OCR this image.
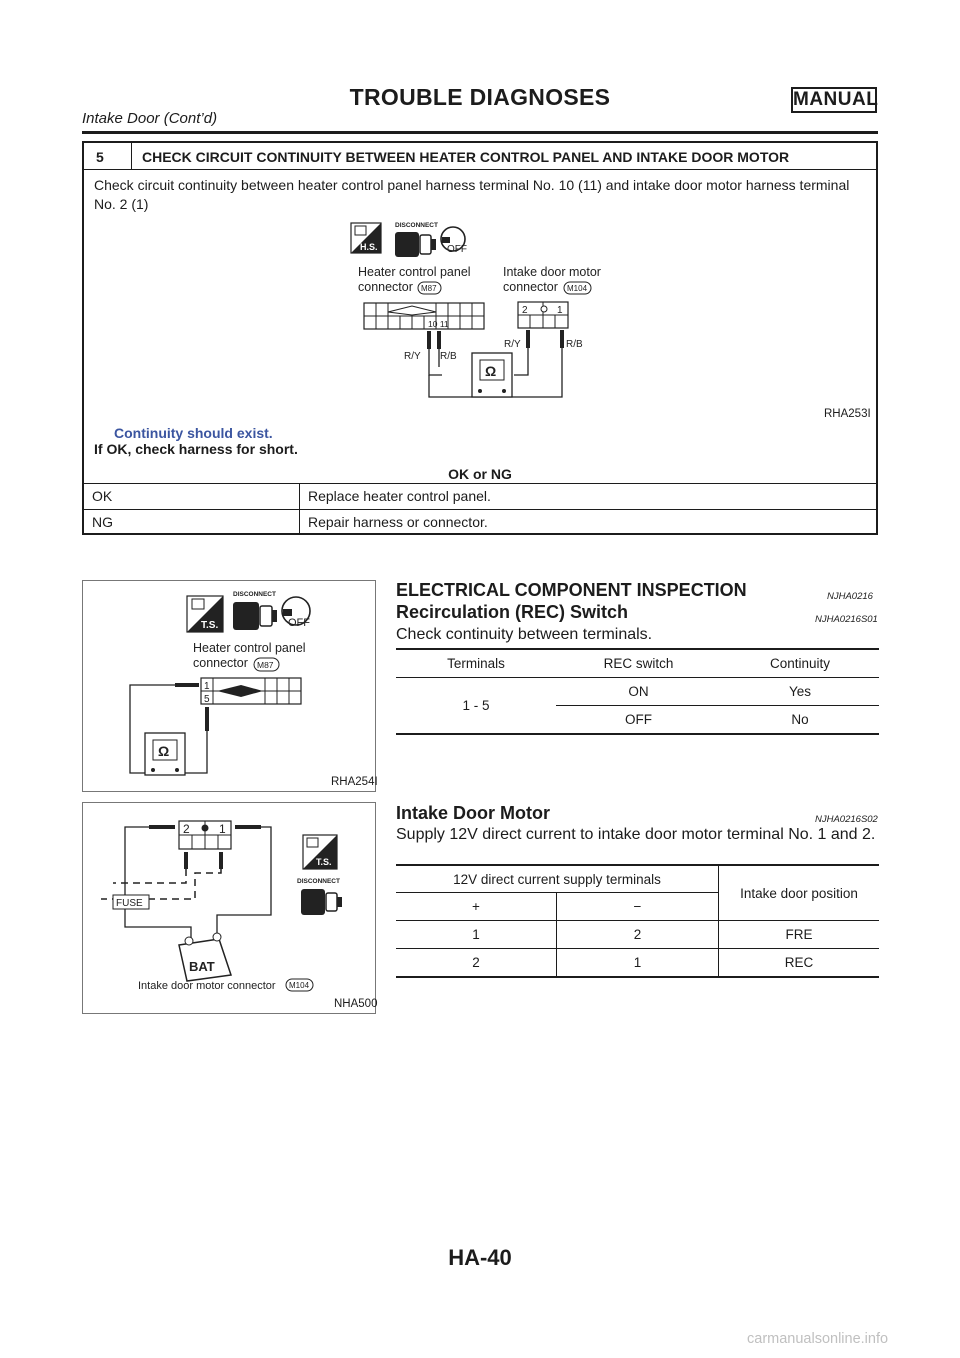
TROUBLE DIAGNOSES	MANUAL
Intake Door (Cont’d)
5	CHECK CIRCUIT CONTINUITY BETWEEN HEATER CONTROL PANEL AND INTAKE DOOR MOTOR
Check circuit continuity between heater control panel harness terminal No. 10 (11) and intake door motor harness terminal No. 2 (1)
H.S.
DISCONNECT
OFF
Heater control panel
connector M87
Intake door motor
connector M104
10 11
2	1
R/Y R/B
R/Y	R/B
Ω
RHA253I
Continuity should exist.
If OK, check harness for short.
OK or NG
OK	Replace heater control panel.
NG	Repair harness or connector.
T.S.
DISCONNECT
OFF
Heater control panel
connector M87
1
5
Ω
RHA254I
2 1
FUSE
BAT
T.S.
DISCONNECT
Intake door motor connector M104
NHA500
ELECTRICAL COMPONENT INSPECTION	NJHA0216
Recirculation (REC) Switch	NJHA0216S01
Check continuity between terminals.
Terminals	REC switch	Continuity
1 - 5	ON	Yes
	OFF	No
Intake Door Motor	NJHA0216S02
Supply 12V direct current to intake door motor terminal No. 1 and 2.
12V direct current supply terminals		Intake door position
+	−	
1	2	FRE
2	1	REC
HA-40
carmanualsonline.info
